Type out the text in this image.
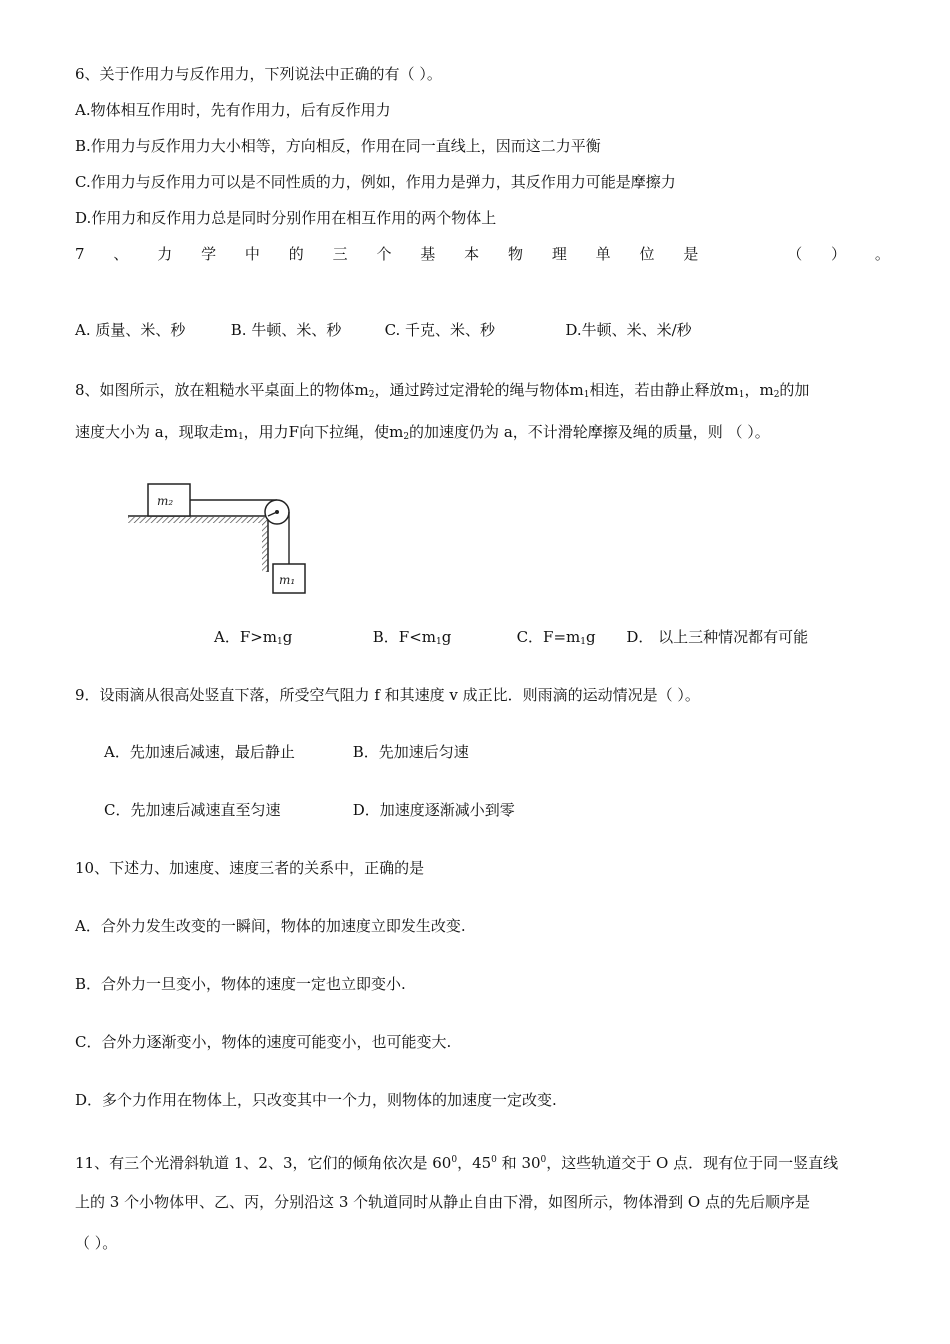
6、关于作用力与反作用力，下列说法中正确的有（ ）。
A.物体相互作用时，先有作用力，后有反作用力
B.作用力与反作用力大小相等，方向相反，作用在同一直线上，因而这二力平衡
C.作用力与反作用力可以是不同性质的力，例如，作用力是弹力，其反作用力可能是摩擦力
D.作用力和反作用力总是同时分别作用在相互作用的两个物体上
7 、 力 学 中 的 三 个 基 本 物 理 单 位 是	（ ） 。
A. 质量、米、秒	B. 牛顿、米、秒	C. 千克、米、秒	D.牛顿、米、米/秒
8、如图所示，放在粗糙水平桌面上的物体$m_2$，通过跨过定滑轮的绳与物体$m_1$相连，若由静止释放$m_1$，$m_2$的加
速度大小为 a，现取走$m_1$，用力F向下拉绳，使$m_2$的加速度仍为 a，不计滑轮摩擦及绳的质量，则 （ ）。
m₂
m₁
A．$F>m_1g$	B．$F<m_1g$	C．$F=m_1g$ D． 以上三种情况都有可能
9．设雨滴从很高处竖直下落，所受空气阻力 f 和其速度 v 成正比．则雨滴的运动情况是（ ）。
A．先加速后减速，最后静止	B．先加速后匀速
C．先加速后减速直至匀速	D．加速度逐渐减小到零
10、下述力、加速度、速度三者的关系中，正确的是
A．合外力发生改变的一瞬间，物体的加速度立即发生改变.
B．合外力一旦变小，物体的速度一定也立即变小.
C．合外力逐渐变小，物体的速度可能变小，也可能变大.
D．多个力作用在物体上，只改变其中一个力，则物体的加速度一定改变.
11、有三个光滑斜轨道 1、2、3，它们的倾角依次是 $60^0$，$45^0$ 和 $30^0$，这些轨道交于 O 点．现有位于同一竖直线
上的 3 个小物体甲、乙、丙，分别沿这 3 个轨道同时从静止自由下滑，如图所示，物体滑到 O 点的先后顺序是
（ ）。
